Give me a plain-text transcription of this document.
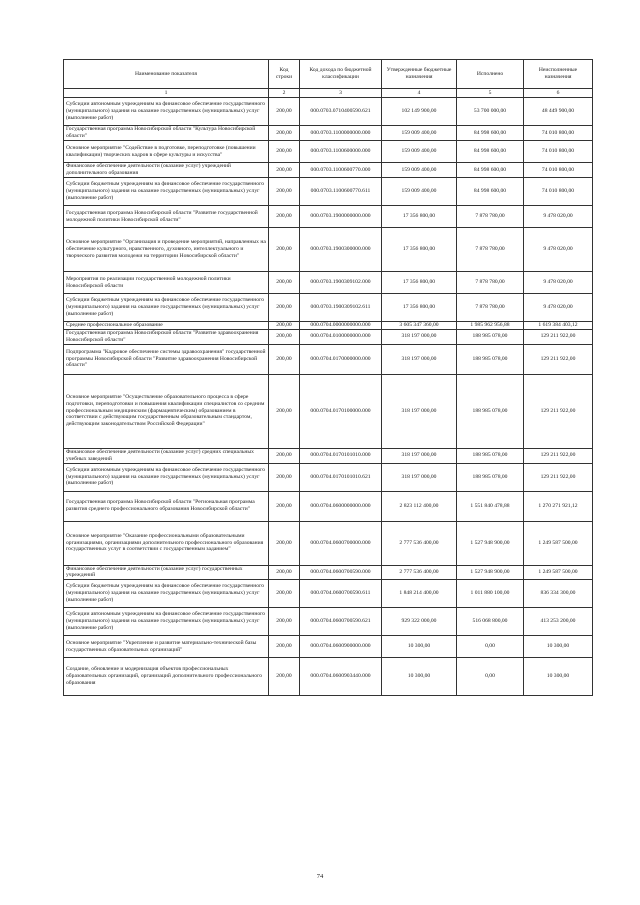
Наименование показателя	Код строки	Код дохода по бюджетной классификации	Утвержденные бюджетные назначения	Исполнено	Неисполненные назначения
1	2	3	4	5	6
Субсидии автономным учреждениям на финансовое обеспечение государственного (муниципального) задания на оказание государственных (муниципальных) услуг (выполнение работ)	200,00	000.0703.0710400590.621	102 149 900,00	53 700 000,00	48 449 900,00
Государственная программа Новосибирской области "Культура Новосибирской области"	200,00	000.0703.1100000000.000	159 009 400,00	84 998 600,00	74 010 800,00
Основное мероприятие "Содействие в подготовке, переподготовке (повышении квалификации) творческих кадров в сфере культуры и искусства"	200,00	000.0703.1100600000.000	159 009 400,00	84 998 600,00	74 010 800,00
Финансовое обеспечение деятельности (оказание услуг) учреждений дополнительного образования	200,00	000.0703.1100600770.000	159 009 400,00	84 998 600,00	74 010 800,00
Субсидии бюджетным учреждениям на финансовое обеспечение государственного (муниципального) задания на оказание государственных (муниципальных) услуг (выполнение работ)	200,00	000.0703.1100600770.611	159 009 400,00	84 998 600,00	74 010 800,00
Государственная программа Новосибирской области "Развитие государственной молодежной политики Новосибирской области"	200,00	000.0703.1900000000.000	17 356 800,00	7 878 780,00	9 478 020,00
Основное мероприятие "Организация и проведение мероприятий, направленных на обеспечение культурного, нравственного, духовного, интеллектуального и творческого развития молодежи на территории Новосибирской области"	200,00	000.0703.1900300000.000	17 356 800,00	7 878 780,00	9 478 020,00
Мероприятия по реализации государственной молодежной политики Новосибирской области	200,00	000.0703.1900309102.000	17 356 800,00	7 878 780,00	9 478 020,00
Субсидии бюджетным учреждениям на финансовое обеспечение государственного (муниципального) задания на оказание государственных (муниципальных) услуг (выполнение работ)	200,00	000.0703.1900309102.611	17 356 800,00	7 878 780,00	9 478 020,00
Среднее профессиональное образование	200,00	000.0704.0000000000.000	3 605 347 360,00	1 985 962 956,88	1 619 384 403,12
Государственная программа Новосибирской области "Развитие здравоохранения Новосибирской области"	200,00	000.0704.0100000000.000	318 197 000,00	188 985 078,00	129 211 922,00
Подпрограмма "Кадровое обеспечение системы здравоохранения" государственной программы Новосибирской области "Развитие здравоохранения Новосибирской области"	200,00	000.0704.0170000000.000	318 197 000,00	188 985 078,00	129 211 922,00
Основное мероприятие "Осуществление образовательного процесса в сфере подготовки, переподготовки и повышения квалификации специалистов со средним профессиональным медицинским (фармацевтическим) образованием в соответствии с действующим государственным образовательным стандартом, действующим законодательством Российской Федерации"	200,00	000.0704.0170100000.000	318 197 000,00	188 985 078,00	129 211 922,00
Финансовое обеспечение деятельности (оказание услуг) средних специальных учебных заведений	200,00	000.0704.0170101010.000	318 197 000,00	188 985 078,00	129 211 922,00
Субсидии автономным учреждениям на финансовое обеспечение государственного (муниципального) задания на оказание государственных (муниципальных) услуг (выполнение работ)	200,00	000.0704.0170101010.621	318 197 000,00	188 985 078,00	129 211 922,00
Государственная программа Новосибирской области "Региональная программа развития среднего профессионального образования Новосибирской области"	200,00	000.0704.0600000000.000	2 823 112 400,00	1 551 840 478,88	1 270 271 921,12
Основное мероприятие "Оказание профессиональными образовательными организациями, организациями дополнительного профессионального образования государственных услуг в соответствии с государственным заданием"	200,00	000.0704.0600700000.000	2 777 536 400,00	1 527 948 900,00	1 249 587 500,00
Финансовое обеспечение деятельности (оказание услуг) государственных учреждений	200,00	000.0704.0600700590.000	2 777 536 400,00	1 527 948 900,00	1 249 587 500,00
Субсидии бюджетным учреждениям на финансовое обеспечение государственного (муниципального) задания на оказание государственных (муниципальных) услуг (выполнение работ)	200,00	000.0704.0600700590.611	1 848 214 400,00	1 011 880 100,00	836 334 300,00
Субсидии автономным учреждениям на финансовое обеспечение государственного (муниципального) задания на оказание государственных (муниципальных) услуг (выполнение работ)	200,00	000.0704.0600700590.621	929 322 000,00	516 068 800,00	413 253 200,00
Основное мероприятие "Укрепление и развитие материально-технической базы государственных образовательных организаций"	200,00	000.0704.0600900000.000	10 300,00	0,00	10 300,00
Создание, обновление и модернизация объектов профессиональных образовательных организаций, организаций дополнительного профессионального образования	200,00	000.0704.0600903440.000	10 300,00	0,00	10 300,00
74
